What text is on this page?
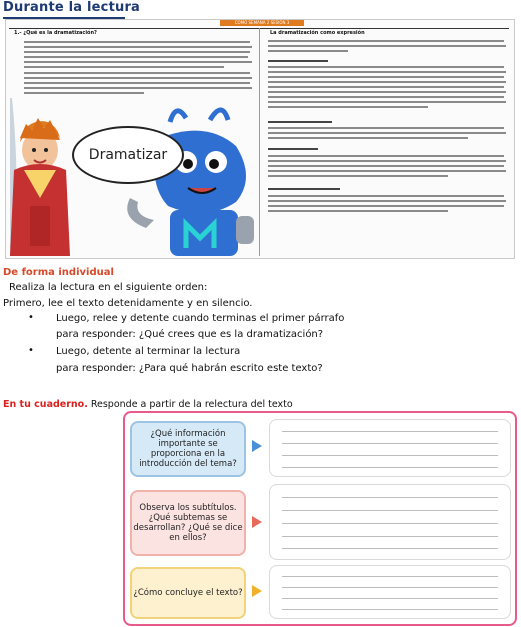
Durante la lectura
COMO SEMANA 2 SESIÓN 3
1.- ¿Qué es la dramatización?	La dramatización como expresión
Dramatizar
De forma individual
Realiza la lectura en el siguiente orden:
Primero, lee el texto detenidamente y en silencio.
• Luego, relee y detente cuando terminas el primer párrafo
para responder: ¿Qué crees que es la dramatización?
• Luego, detente al terminar la lectura
para responder: ¿Para qué habrán escrito este texto?
En tu cuaderno. Responde a partir de la relectura del texto
¿Qué información importante se proporciona en la introducción del tema?
Observa los subtítulos. ¿Qué subtemas se desarrollan? ¿Qué se dice en ellos?
¿Cómo concluye el texto?
